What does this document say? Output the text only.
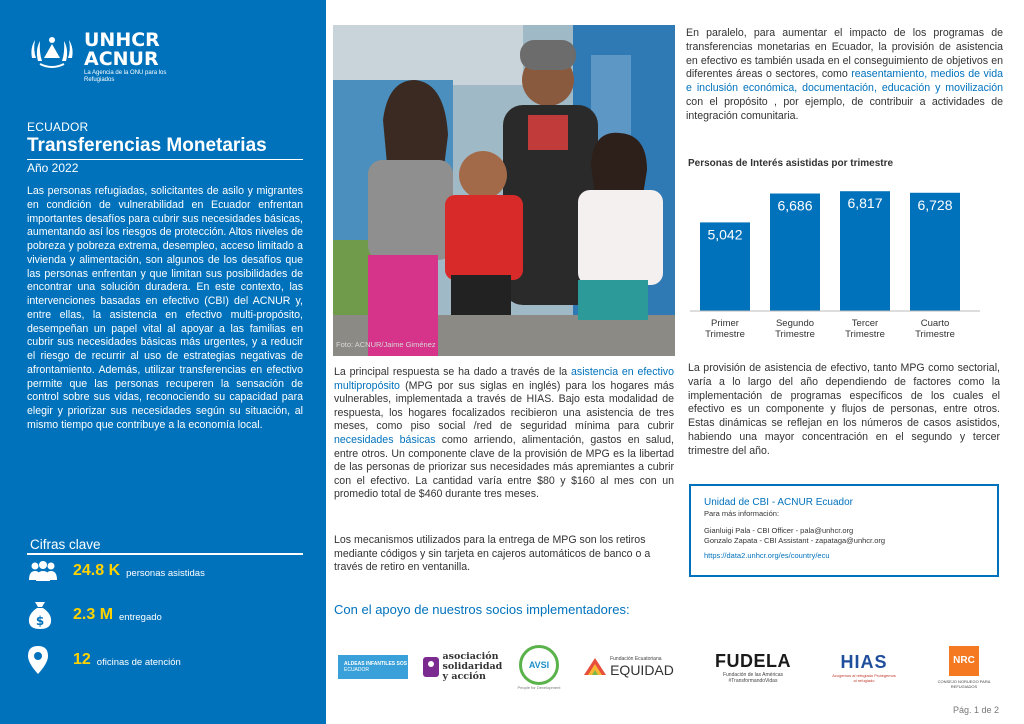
UNHCR
ACNUR
La Agencia de la ONU para los Refugiados
ECUADOR
Transferencias Monetarias
Año 2022

Las personas refugiadas, solicitantes de asilo y migrantes en condición de vulnerabilidad en Ecuador enfrentan importantes desafíos para cubrir sus necesidades básicas, aumentando así los riesgos de protección. Altos niveles de pobreza y pobreza extrema, desempleo, acceso limitado a vivienda y alimentación, son algunos de los desafíos que las personas enfrentan y que limitan sus posibilidades de encontrar una solución duradera. En este contexto, las intervenciones basadas en efectivo (CBI) del ACNUR y, entre ellas, la asistencia en efectivo multi-propósito, desempeñan un papel vital al apoyar a las familias en cubrir sus necesidades básicas más urgentes, y a reducir el riesgo de recurrir al uso de estrategias negativas de afrontamiento. Además, utilizar transferencias en efectivo permite que las personas recuperen la sensación de control sobre sus vidas, reconociendo su capacidad para elegir y priorizar sus necesidades según su situación, al mismo tiempo que contribuye a la economía local.

Cifras clave
24.8 K personas asistidas
$ 2.3 M entregado
12 oficinas de atención
Foto: ACNUR/Jaime Giménez

La principal respuesta se ha dado a través de la asistencia en efectivo multipropósito (MPG por sus siglas en inglés) para los hogares más vulnerables, implementada a través de HIAS. Bajo esta modalidad de respuesta, los hogares focalizados recibieron una asistencia de tres meses, como piso social /red de seguridad mínima para cubrir necesidades básicas como arriendo, alimentación, gastos en salud, entre otros. Un componente clave de la provisión de MPG es la libertad de las personas de priorizar sus necesidades más apremiantes a cubrir con el efectivo. La cantidad varía entre $80 y $160 al mes con un promedio total de $460 durante tres meses.

Los mecanismos utilizados para la entrega de MPG son los retiros mediante códigos y sin tarjeta en cajeros automáticos de banco o a través de retiro en ventanilla.

Con el apoyo de nuestros socios implementadores:
ALDEAS INFANTILES SOS
ECUADOR
asociación solidaridad y acción
AVSI
People for Development
Fundación Ecuatoriana
EQUIDAD FUDELA
Fundación de las Américas #TransformandoVidas
HIAS
Acogemos al refugiado Protegemos al refugiado
NRC
CONSEJO NORUEGO PARA REFUGIADOS

En paralelo, para aumentar el impacto de los programas de transferencias monetarias en Ecuador, la provisión de asistencia en efectivo es también usada en el conseguimiento de objetivos en diferentes áreas o sectores, como reasentamiento, medios de vida e inclusión económica, documentación, educación y movilización con el propósito , por ejemplo, de contribuir a actividades de integración comunitaria.

Personas de Interés asistidas por trimestre
5,042
Primer
Trimestre
6,686
Segundo
Trimestre
6,817
Tercer
Trimestre
6,728
Cuarto
Trimestre

La provisión de asistencia de efectivo, tanto MPG como sectorial, varía a lo largo del año dependiendo de factores como la implementación de programas específicos de los cuales el efectivo es un componente y flujos de personas, entre otros. Estas dinámicas se reflejan en los números de casos asistidos, habiendo una mayor concentración en el segundo y tercer trimestre del año.

Unidad de CBI - ACNUR Ecuador
Para más información:
Gianluigi Pala - CBI Officer - pala@unhcr.org
Gonzalo Zapata - CBI Assistant - zapataga@unhcr.org
https://data2.unhcr.org/es/country/ecu
Pág. 1 de 2
